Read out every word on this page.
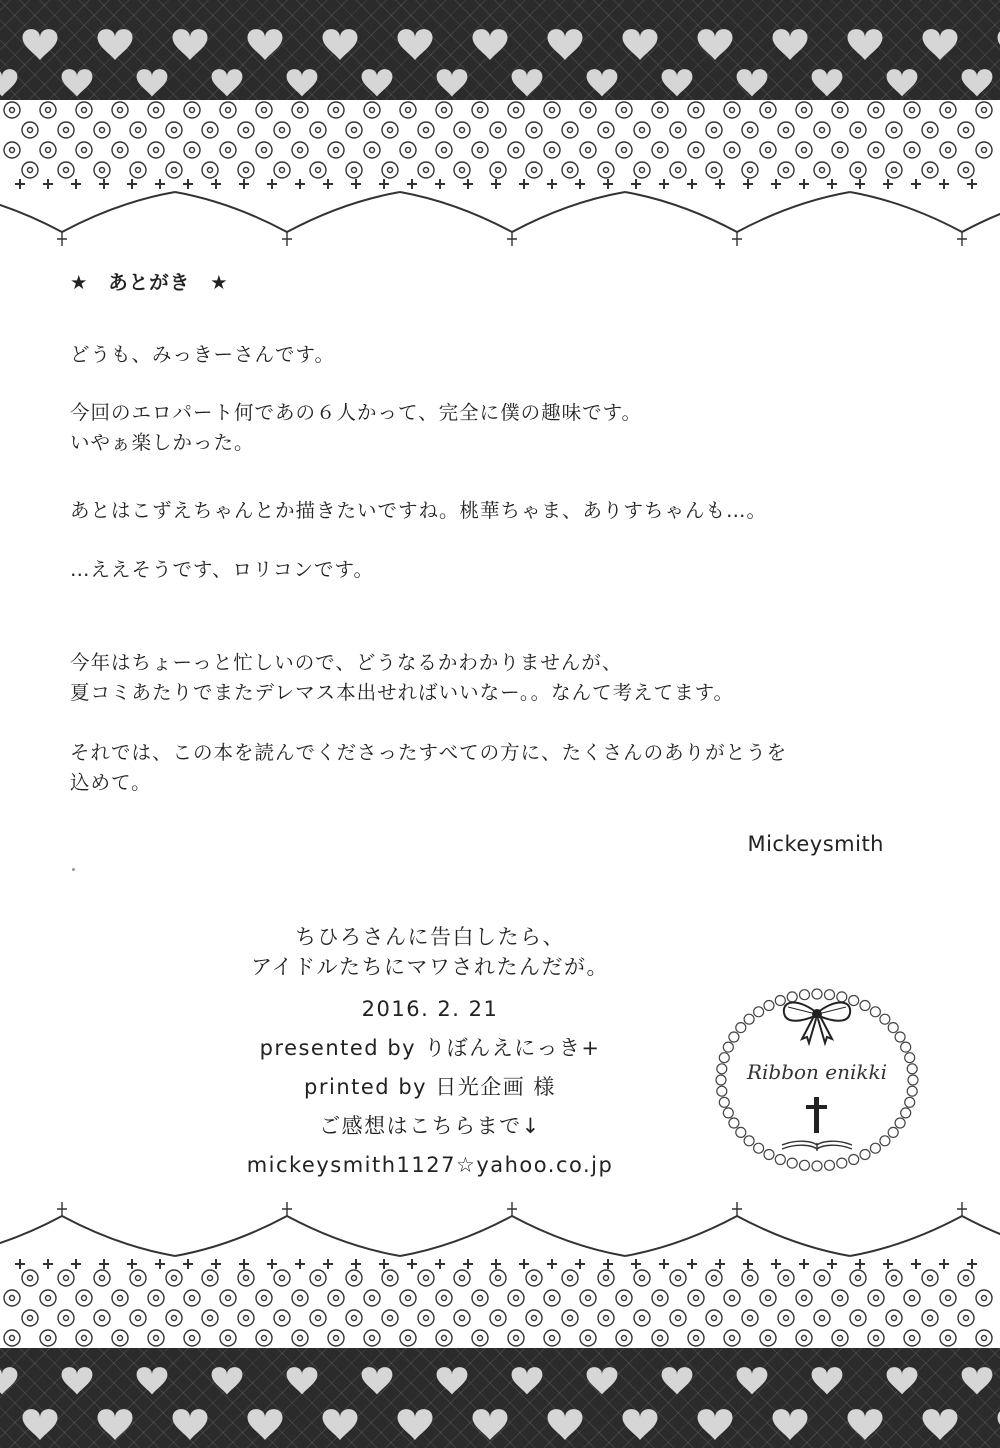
★ あとがき ★

どうも、みっきーさんです。

今回のエロパート何であの６人かって、完全に僕の趣味です。

いやぁ楽しかった。

あとはこずえちゃんとか描きたいですね。桃華ちゃま、ありすちゃんも…。

…ええそうです、ロリコンです。

今年はちょーっと忙しいので、どうなるかわかりませんが、

夏コミあたりでまたデレマス本出せればいいなー。。なんて考えてます。

それでは、この本を読んでくださったすべての方に、たくさんのありがとうを

込めて。

Mickeysmith
ちひろさんに告白したら、
アイドルたちにマワされたんだが。
2016. 2. 21
presented by りぼんえにっき+
printed by 日光企画 様
ご感想はこちらまで↓
mickeysmith1127☆yahoo.co.jp
Ribbon enikki
